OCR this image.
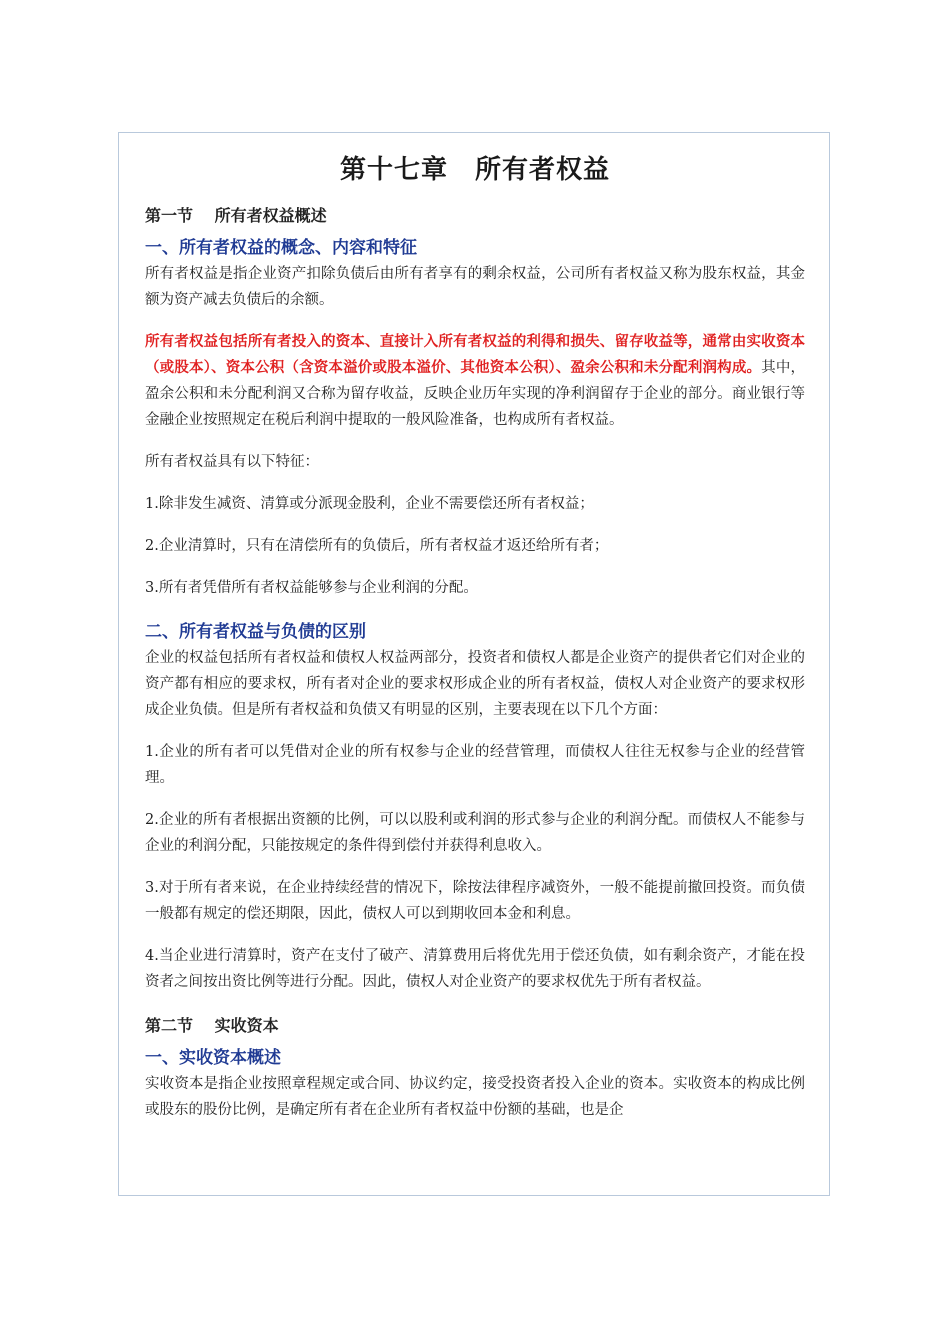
第十七章　所有者权益
第一节　 所有者权益概述
一、所有者权益的概念、内容和特征

所有者权益是指企业资产扣除负债后由所有者享有的剩余权益，公司所有者权益又称为股东权益，其金额为资产减去负债后的余额。

所有者权益包括所有者投入的资本、直接计入所有者权益的利得和损失、留存收益等，通常由实收资本（或股本）、资本公积（含资本溢价或股本溢价、其他资本公积）、盈余公积和未分配利润构成。其中，盈余公积和未分配利润又合称为留存收益，反映企业历年实现的净利润留存于企业的部分。商业银行等金融企业按照规定在税后利润中提取的一般风险准备，也构成所有者权益。

所有者权益具有以下特征：

1.除非发生减资、清算或分派现金股利，企业不需要偿还所有者权益；

2.企业清算时，只有在清偿所有的负债后，所有者权益才返还给所有者；

3.所有者凭借所有者权益能够参与企业利润的分配。

二、所有者权益与负债的区别

企业的权益包括所有者权益和债权人权益两部分，投资者和债权人都是企业资产的提供者它们对企业的资产都有相应的要求权，所有者对企业的要求权形成企业的所有者权益，债权人对企业资产的要求权形成企业负债。但是所有者权益和负债又有明显的区别，主要表现在以下几个方面：

1.企业的所有者可以凭借对企业的所有权参与企业的经营管理，而债权人往往无权参与企业的经营管理。

2.企业的所有者根据出资额的比例，可以以股利或利润的形式参与企业的利润分配。而债权人不能参与企业的利润分配，只能按规定的条件得到偿付并获得利息收入。

3.对于所有者来说，在企业持续经营的情况下，除按法律程序减资外，一般不能提前撤回投资。而负债一般都有规定的偿还期限，因此，债权人可以到期收回本金和利息。

4.当企业进行清算时，资产在支付了破产、清算费用后将优先用于偿还负债，如有剩余资产，才能在投资者之间按出资比例等进行分配。因此，债权人对企业资产的要求权优先于所有者权益。

第二节　 实收资本
一、实收资本概述

实收资本是指企业按照章程规定或合同、协议约定，接受投资者投入企业的资本。实收资本的构成比例或股东的股份比例，是确定所有者在企业所有者权益中份额的基础，也是企
